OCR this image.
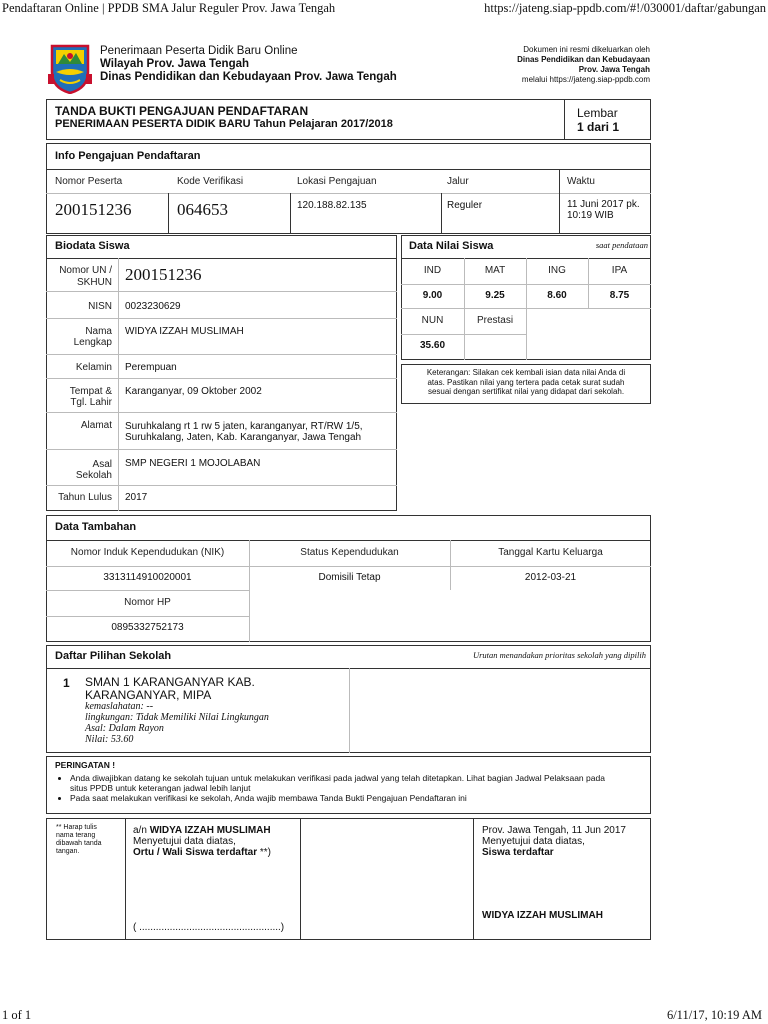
Pendaftaran Online | PPDB SMA Jalur Reguler Prov. Jawa Tengah	https://jateng.siap-ppdb.com/#!/030001/daftar/gabungan
1 of 1	6/11/17, 10:19 AM
Penerimaan Peserta Didik Baru Online
Wilayah Prov. Jawa Tengah
Dinas Pendidikan dan Kebudayaan Prov. Jawa Tengah
Dokumen ini resmi dikeluarkan oleh
Dinas Pendidikan dan Kebudayaan
Prov. Jawa Tengah
melalui https://jateng.siap-ppdb.com
TANDA BUKTI PENGAJUAN PENDAFTARAN
PENERIMAAN PESERTA DIDIK BARU Tahun Pelajaran 2017/2018
Lembar
1 dari 1
Info Pengajuan Pendaftaran
Nomor Peserta	Kode Verifikasi	Lokasi Pengajuan	Jalur	Waktu
200151236	064653	120.188.82.135	Reguler	11 Juni 2017 pk.
10:19 WIB
Biodata Siswa
Nomor UN /
SKHUN 200151236
NISN 0023230629
Nama
Lengkap
WIDYA IZZAH MUSLIMAH
Kelamin Perempuan
Tempat &
Tgl. Lahir
Karanganyar, 09 Oktober 2002
Alamat Suruhkalang rt 1 rw 5 jaten, karanganyar, RT/RW 1/5,
Suruhkalang, Jaten, Kab. Karanganyar, Jawa Tengah
Asal
Sekolah
SMP NEGERI 1 MOJOLABAN
Tahun Lulus 2017
Data Nilai Siswa	saat pendataan
IND	MAT	ING	IPA
9.00	9.25	8.60	8.75
NUN	Prestasi
35.60
Keterangan: Silakan cek kembali isian data nilai Anda di
atas. Pastikan nilai yang tertera pada cetak surat sudah
sesuai dengan sertifikat nilai yang didapat dari sekolah.
Data Tambahan
Nomor Induk Kependudukan (NIK)	Status Kependudukan	Tanggal Kartu Keluarga
3313114910020001	Domisili Tetap	2012-03-21
Nomor HP
0895332752173
Daftar Pilihan Sekolah	Urutan menandakan prioritas sekolah yang dipilih
1 SMAN 1 KARANGANYAR KAB.
KARANGANYAR, MIPA
kemaslahatan: --
lingkungan: Tidak Memiliki Nilai Lingkungan
Asal: Dalam Rayon
Nilai: 53.60
PERINGATAN !
• Anda diwajibkan datang ke sekolah tujuan untuk melakukan verifikasi pada jadwal yang telah ditetapkan. Lihat bagian Jadwal Pelaksaan pada
situs PPDB untuk keterangan jadwal lebih lanjut
• Pada saat melakukan verifikasi ke sekolah, Anda wajib membawa Tanda Bukti Pengajuan Pendaftaran ini
** Harap tulis
nama terang
dibawah tanda
tangan.
a/n WIDYA IZZAH MUSLIMAH
Menyetujui data diatas,
Ortu / Wali Siswa terdaftar **)
( ...................................................)
Prov. Jawa Tengah, 11 Jun 2017
Menyetujui data diatas,
Siswa terdaftar
WIDYA IZZAH MUSLIMAH
